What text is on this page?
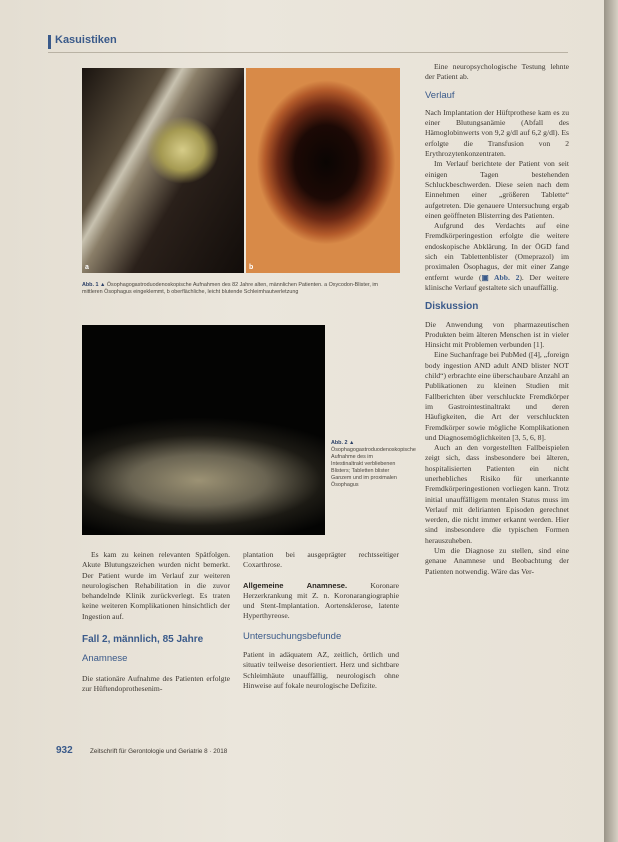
Kasuistiken
a	b
Abb. 1 ▲ Ösophagogastroduodenoskopische Aufnahmen des 82 Jahre alten, männlichen Patienten. a Oxycodon-Blister, im mittleren Ösophagus eingeklemmt, b oberflächliche, leicht blutende Schleimhautverletzung
Abb. 2 ▲ Ösophagogastroduodenoskopische Aufnahme des im Intestinaltrakt verbliebenen Blisters; Tabletten blister Ganzem und im proximalen Ösophagus

Es kam zu keinen relevanten Spätfolgen. Akute Blutungszeichen wurden nicht bemerkt. Der Patient wurde im Verlauf zur weiteren neurologischen Rehabilitation in die zuvor behandelnde Klinik zurückverlegt. Es traten keine weiteren Komplikationen hinsichtlich der Ingestion auf.

Fall 2, männlich, 85 Jahre

Anamnese

Die stationäre Aufnahme des Patienten erfolgte zur Hüftendoprothesenim-

plantation bei ausgeprägter rechtsseitiger Coxarthrose.

Allgemeine Anamnese.	Koronare Herzerkrankung mit Z. n. Koronarangiographie und Stent-Implantation. Aortensklerose, latente Hyperthyreose.

Untersuchungsbefunde

Patient in adäquatem AZ, zeitlich, örtlich und situativ teilweise desorientiert. Herz und sichtbare Schleimhäute unauffällig, neurologisch ohne Hinweise auf fokale neurologische Defizite.

Eine neuropsychologische Testung lehnte der Patient ab.

Verlauf

Nach Implantation der Hüftprothese kam es zu einer Blutungsanämie (Abfall des Hämoglobinwerts von 9,2 g/dl auf 6,2 g/dl). Es erfolgte die Transfusion von 2 Erythrozytenkonzentraten.

Im Verlauf berichtete der Patient von seit einigen Tagen bestehenden Schluckbeschwerden. Diese seien nach dem Einnehmen einer „größeren Tablette“ aufgetreten. Die genauere Untersuchung ergab einen geöffneten Blisterring des Patienten.

Aufgrund des Verdachts auf eine Fremdkörperingestion erfolgte die weitere endoskopische Abklärung. In der ÖGD fand sich ein Tablettenblister (Omeprazol) im proximalen Ösophagus, der mit einer Zange entfernt wurde (▣ Abb. 2). Der weitere klinische Verlauf gestaltete sich unauffällig.

Diskussion

Die Anwendung von pharmazeutischen Produkten beim älteren Menschen ist in vieler Hinsicht mit Problemen verbunden [1].

Eine Suchanfrage bei PubMed ([4], „foreign body ingestion AND adult AND blister NOT child“) erbrachte eine überschaubare Anzahl an Publikationen zu kleinen Studien mit Fallberichten über verschluckte Fremdkörper im Gastrointestinaltrakt und deren Häufigkeiten, die Art der verschluckten Fremdkörper sowie mögliche Komplikationen und Diagnosemöglichkeiten [3, 5, 6, 8].

Auch an den vorgestellten Fallbeispielen zeigt sich, dass insbesondere bei älteren, hospitalisierten Patienten ein nicht unerhebliches Risiko für unerkannte Fremdkörperingestionen vorliegen kann. Trotz initial unauffälligem mentalen Status muss im Verlauf mit delirianten Episoden gerechnet werden, die nicht immer erkannt werden. Hier sind insbesondere die typischen Formen herauszuheben.

Um die Diagnose zu stellen, sind eine genaue Anamnese und Beobachtung der Patienten notwendig. Wäre das Ver-

932	Zeitschrift für Gerontologie und Geriatrie 8 · 2018
